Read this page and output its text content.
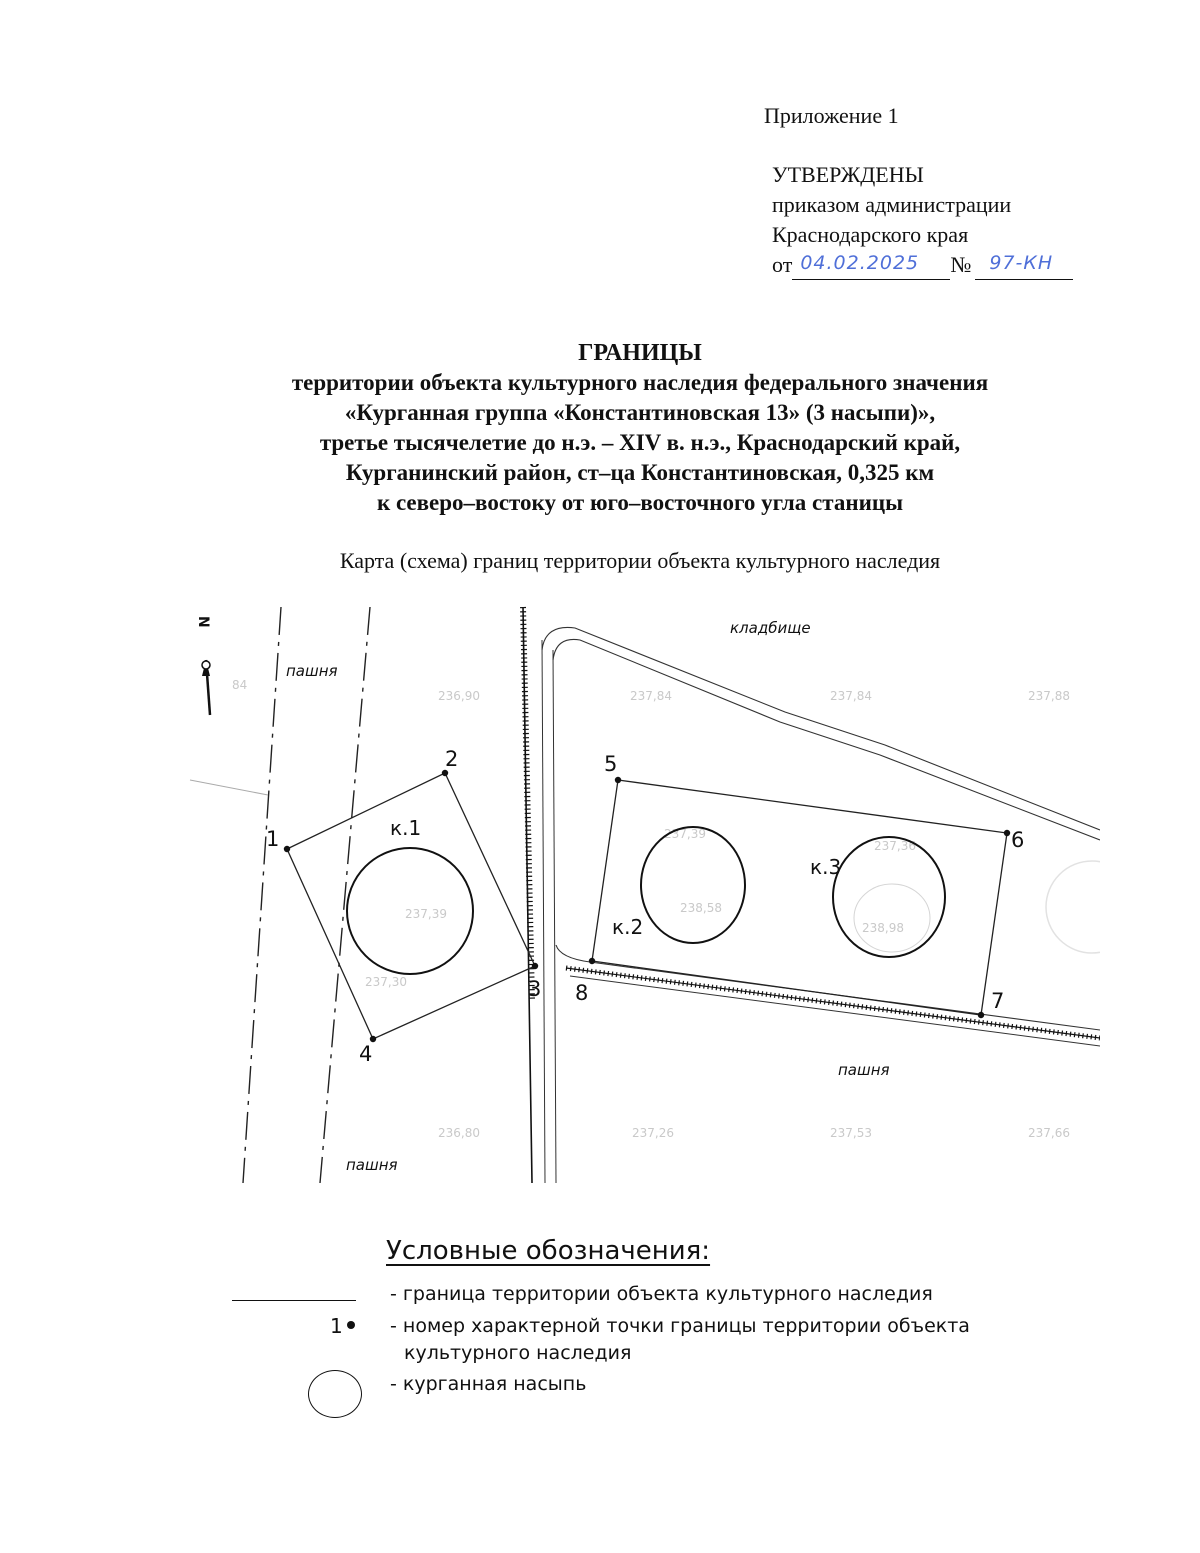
Приложение 1
УТВЕРЖДЕНЫ
приказом администрации
Краснодарского края
от 04.02.2025 № 97-КН
ГРАНИЦЫ
территории объекта культурного наследия федерального значения
«Курганная группа «Константиновская 13» (3 насыпи)»,
третье тысячелетие до н.э. – XIV в. н.э., Краснодарский край,
Курганинский район, ст–ца Константиновская, 0,325 км
к северо–востоку от юго–восточного угла станицы
Карта (схема) границ территории объекта культурного наследия
84
236,90	237,84	237,84	237,88
237,39
237,39
237,36
238,58
238,98
237,30
236,80	237,26	237,53	237,66
1
2
3
4
5
6
7
8
к.1
к.2
к.3
кладбище
пашня
пашня
пашня
N
Условные обозначения:
- граница территории объекта культурного наследия
1	- номер характерной точки границы территории объекта
культурного наследия
- курганная насыпь
